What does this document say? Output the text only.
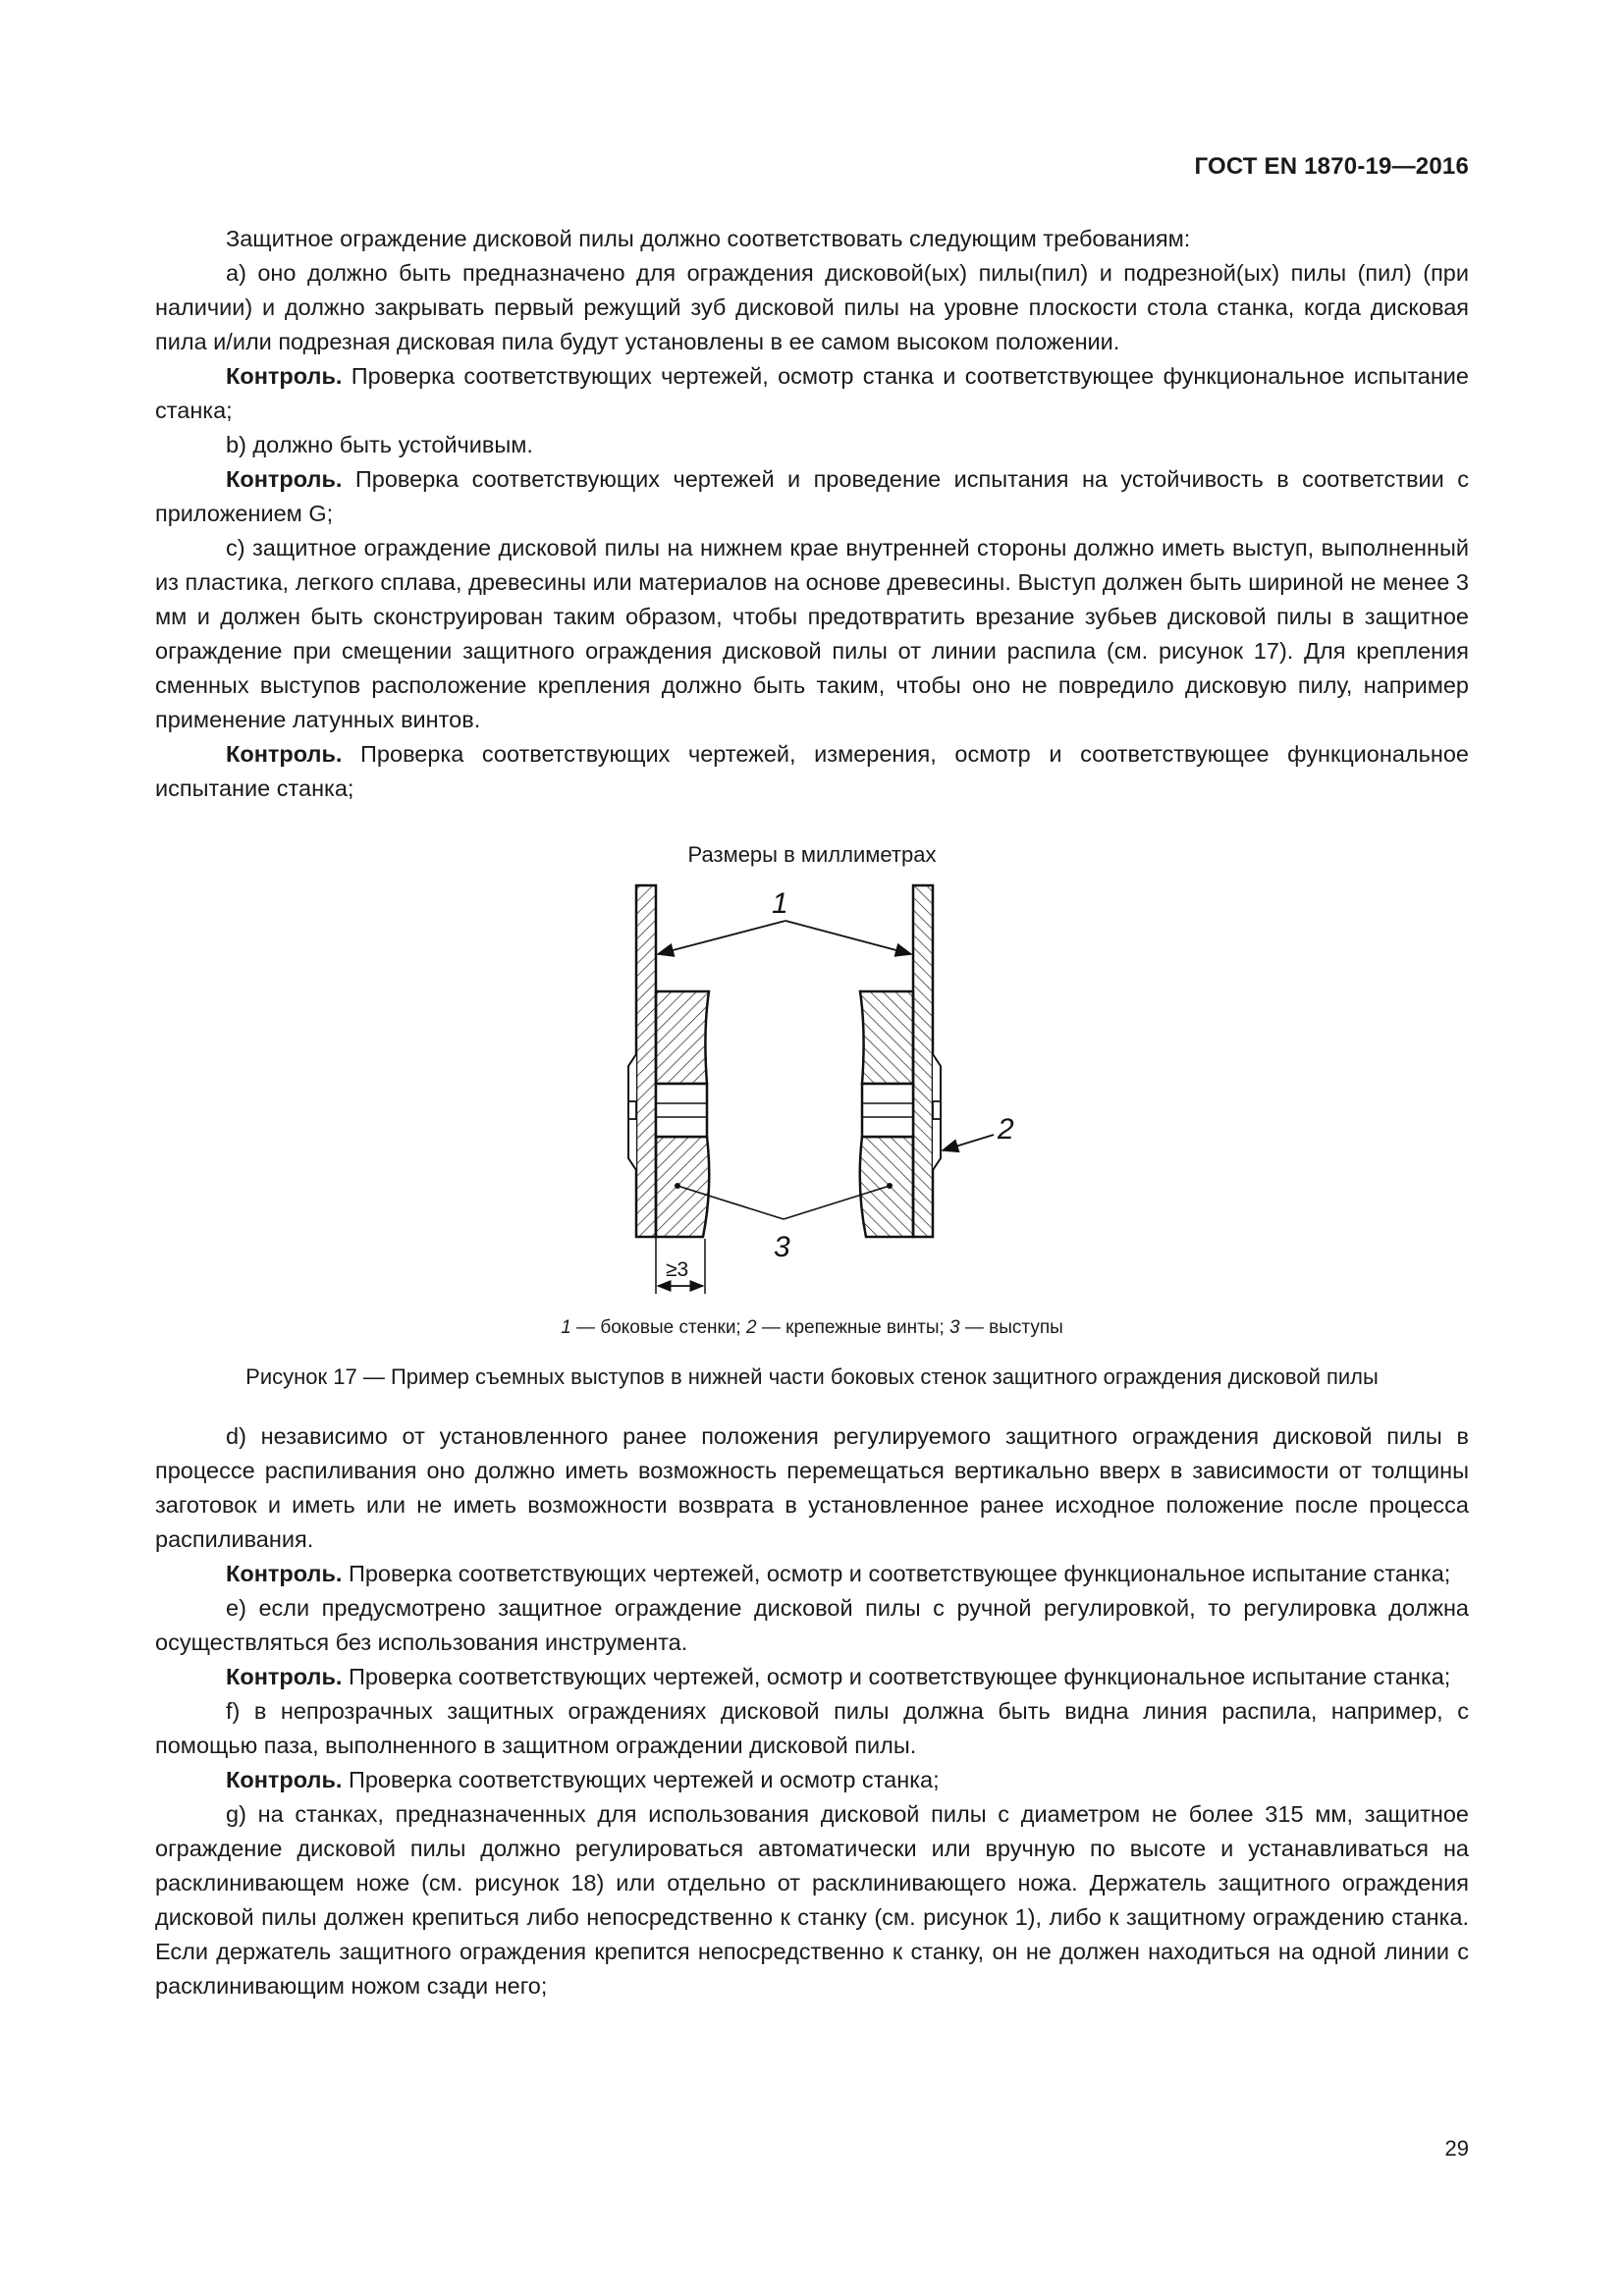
ГОСТ EN 1870-19—2016

Защитное ограждение дисковой пилы должно соответствовать следующим требованиям:

a) оно должно быть предназначено для ограждения дисковой(ых) пилы(пил) и подрезной(ых) пилы (пил) (при наличии) и должно закрывать первый режущий зуб дисковой пилы на уровне плоскости стола станка, когда дисковая пила и/или подрезная дисковая пила будут установлены в ее самом высоком положении.

Контроль. Проверка соответствующих чертежей, осмотр станка и соответствующее функциональное испытание станка;

b) должно быть устойчивым.

Контроль. Проверка соответствующих чертежей и проведение испытания на устойчивость в соответствии с приложением G;

c) защитное ограждение дисковой пилы на нижнем крае внутренней стороны должно иметь выступ, выполненный из пластика, легкого сплава, древесины или материалов на основе древесины. Выступ должен быть шириной не менее 3 мм и должен быть сконструирован таким образом, чтобы предотвратить врезание зубьев дисковой пилы в защитное ограждение при смещении защитного ограждения дисковой пилы от линии распила (см. рисунок 17). Для крепления сменных выступов расположение крепления должно быть таким, чтобы оно не повредило дисковую пилу, например применение латунных винтов.

Контроль. Проверка соответствующих чертежей, измерения, осмотр и соответствующее функциональное испытание станка;

Размеры в миллиметрах
1
2
3
≥3
1 — боковые стенки; 2 — крепежные винты; 3 — выступы
Рисунок 17 — Пример съемных выступов в нижней части боковых стенок защитного ограждения дисковой пилы

d) независимо от установленного ранее положения регулируемого защитного ограждения дисковой пилы в процессе распиливания оно должно иметь возможность перемещаться вертикально вверх в зависимости от толщины заготовок и иметь или не иметь возможности возврата в установленное ранее исходное положение после процесса распиливания.

Контроль. Проверка соответствующих чертежей, осмотр и соответствующее функциональное испытание станка;

e) если предусмотрено защитное ограждение дисковой пилы с ручной регулировкой, то регулировка должна осуществляться без использования инструмента.

Контроль. Проверка соответствующих чертежей, осмотр и соответствующее функциональное испытание станка;

f) в непрозрачных защитных ограждениях дисковой пилы должна быть видна линия распила, например, с помощью паза, выполненного в защитном ограждении дисковой пилы.

Контроль. Проверка соответствующих чертежей и осмотр станка;

g) на станках, предназначенных для использования дисковой пилы с диаметром не более 315 мм, защитное ограждение дисковой пилы должно регулироваться автоматически или вручную по высоте и устанавливаться на расклинивающем ноже (см. рисунок 18) или отдельно от расклинивающего ножа. Держатель защитного ограждения дисковой пилы должен крепиться либо непосредственно к станку (см. рисунок 1), либо к защитному ограждению станка. Если держатель защитного ограждения крепится непосредственно к станку, он не должен находиться на одной линии с расклинивающим ножом сзади него;

29
